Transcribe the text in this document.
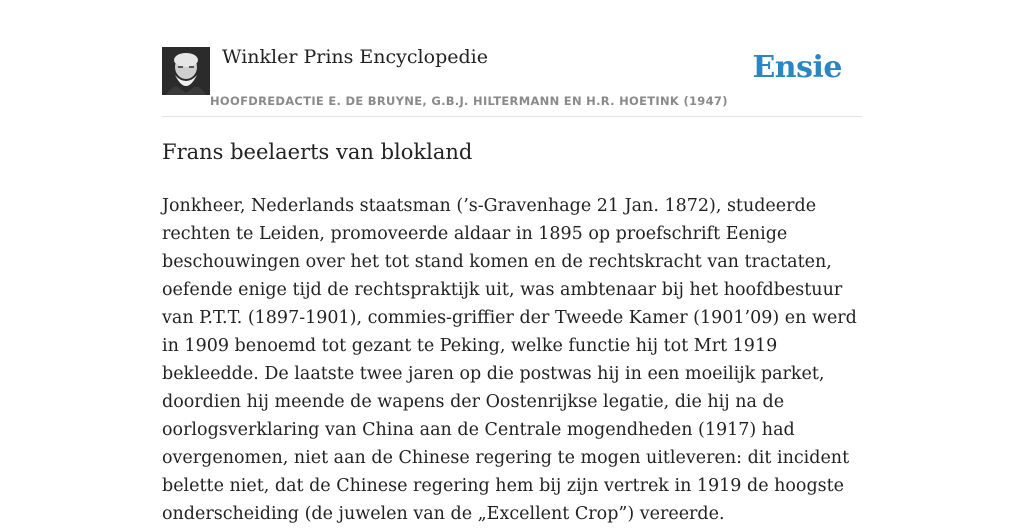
Winkler Prins Encyclopedie
HOOFDREDACTIE E. DE BRUYNE, G.B.J. HILTERMANN EN H.R. HOETINK (1947)
Ensie
Frans beelaerts van blokland

Jonkheer, Nederlands staatsman (’s-Gravenhage 21 Jan. 1872), studeerde rechten te Leiden, promoveerde aldaar in 1895 op proefschrift Eenige beschouwingen over het tot stand komen en de rechtskracht van tractaten, oefende enige tijd de rechtspraktijk uit, was ambtenaar bij het hoofdbestuur van P.T.T. (1897-1901), commies-griffier der Tweede Kamer (1901’09) en werd in 1909 benoemd tot gezant te Peking, welke functie hij tot Mrt 1919 bekleedde. De laatste twee jaren op die postwas hij in een moeilijk parket, doordien hij meende de wapens der Oostenrijkse legatie, die hij na de oorlogsverklaring van China aan de Centrale mogendheden (1917) had overgenomen, niet aan de Chinese regering te mogen uitleveren: dit incident belette niet, dat de Chinese regering hem bij zijn vertrek in 1919 de hoogste onderscheiding (de juwelen van de „Excellent Crop”) vereerde.
